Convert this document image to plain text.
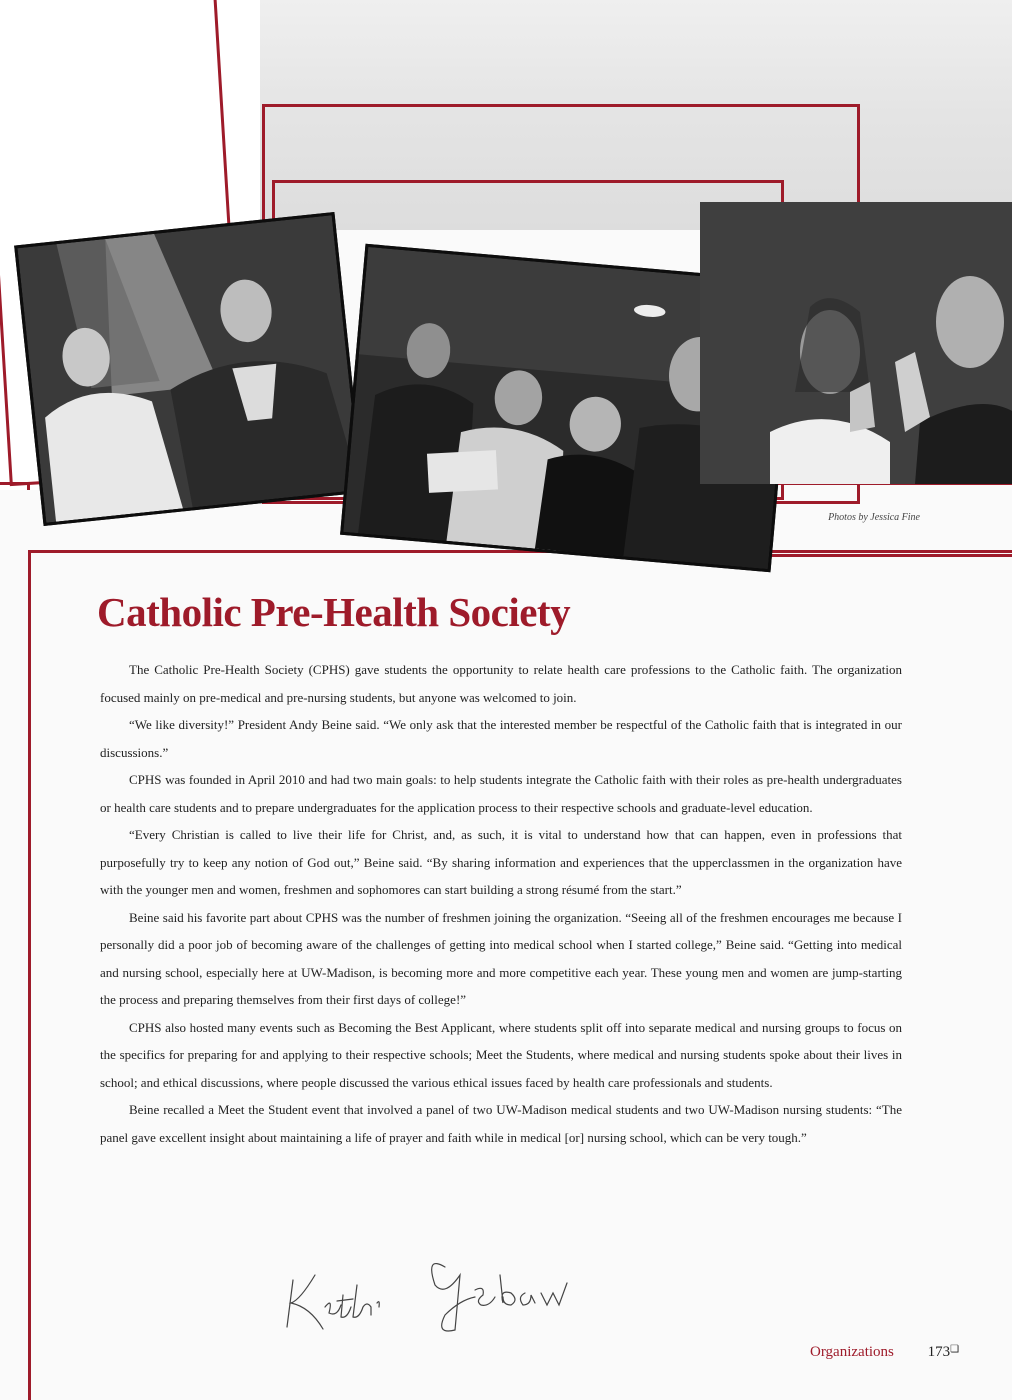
Photos by Jessica Fine
Catholic Pre-Health Society

The Catholic Pre-Health Society (CPHS) gave students the opportunity to relate health care professions to the Catholic faith. The organization focused mainly on pre-medical and pre-nursing students, but anyone was welcomed to join.

“We like diversity!” President Andy Beine said. “We only ask that the interested member be respectful of the Catholic faith that is integrated in our discussions.”

CPHS was founded in April 2010 and had two main goals: to help students integrate the Catholic faith with their roles as pre-health undergraduates or health care students and to prepare undergraduates for the application process to their respective schools and graduate-level education.

“Every Christian is called to live their life for Christ, and, as such, it is vital to understand how that can happen, even in professions that purposefully try to keep any notion of God out,” Beine said. “By sharing information and experiences that the upperclassmen in the organization have with the younger men and women, freshmen and sophomores can start building a strong résumé from the start.”

Beine said his favorite part about CPHS was the number of freshmen joining the organization. “Seeing all of the freshmen encourages me because I personally did a poor job of becoming aware of the challenges of getting into medical school when I started college,” Beine said. “Getting into medical and nursing school, especially here at UW-Madison, is becoming more and more competitive each year. These young men and women are jump-starting the process and preparing themselves from their first days of college!”

CPHS also hosted many events such as Becoming the Best Applicant, where students split off into separate medical and nursing groups to focus on the specifics for preparing for and applying to their respective schools; Meet the Students, where medical and nursing students spoke about their lives in school; and ethical discussions, where people discussed the various ethical issues faced by health care professionals and students.

Beine recalled a Meet the Student event that involved a panel of two UW-Madison medical students and two UW-Madison nursing students: “The panel gave excellent insight about maintaining a life of prayer and faith while in medical [or] nursing school, which can be very tough.”

Organizations 173❏
